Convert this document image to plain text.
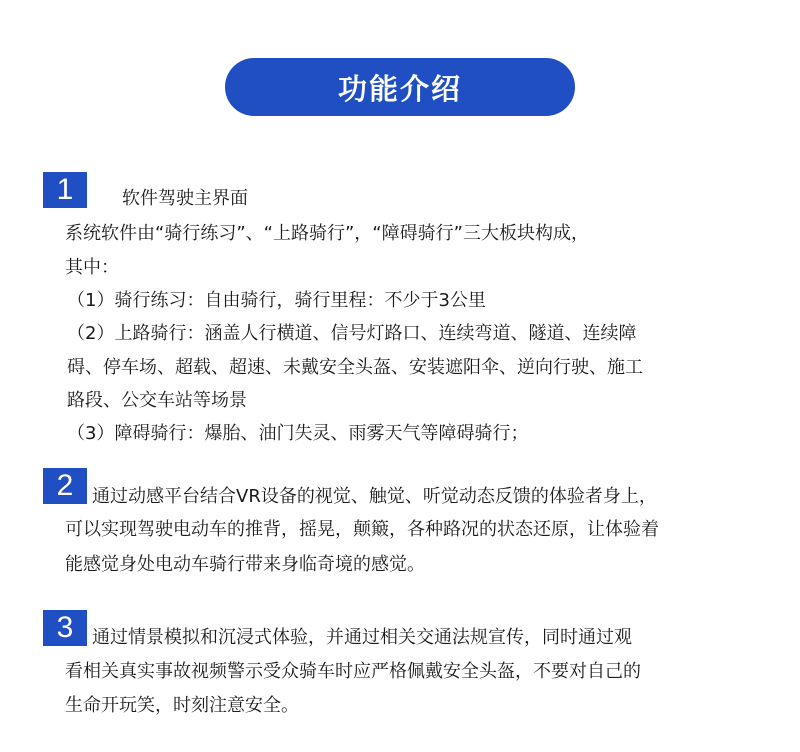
功能介绍
1	软件驾驶主界面
系统软件由“骑行练习”、“上路骑行”，“障碍骑行”三大板块构成，
其中：
（1）骑行练习：自由骑行，骑行里程：不少于3公里
（2）上路骑行：涵盖人行横道、信号灯路口、连续弯道、隧道、连续障
碍、停车场、超载、超速、未戴安全头盔、安装遮阳伞、逆向行驶、施工
路段、公交车站等场景
（3）障碍骑行：爆胎、油门失灵、雨雾天气等障碍骑行；
2	通过动感平台结合VR设备的视觉、触觉、听觉动态反馈的体验者身上，
可以实现驾驶电动车的推背，摇晃，颠簸，各种路况的状态还原，让体验着
能感觉身处电动车骑行带来身临奇境的感觉。
3	通过情景模拟和沉浸式体验，并通过相关交通法规宣传，同时通过观
看相关真实事故视频警示受众骑车时应严格佩戴安全头盔，不要对自己的
生命开玩笑，时刻注意安全。
